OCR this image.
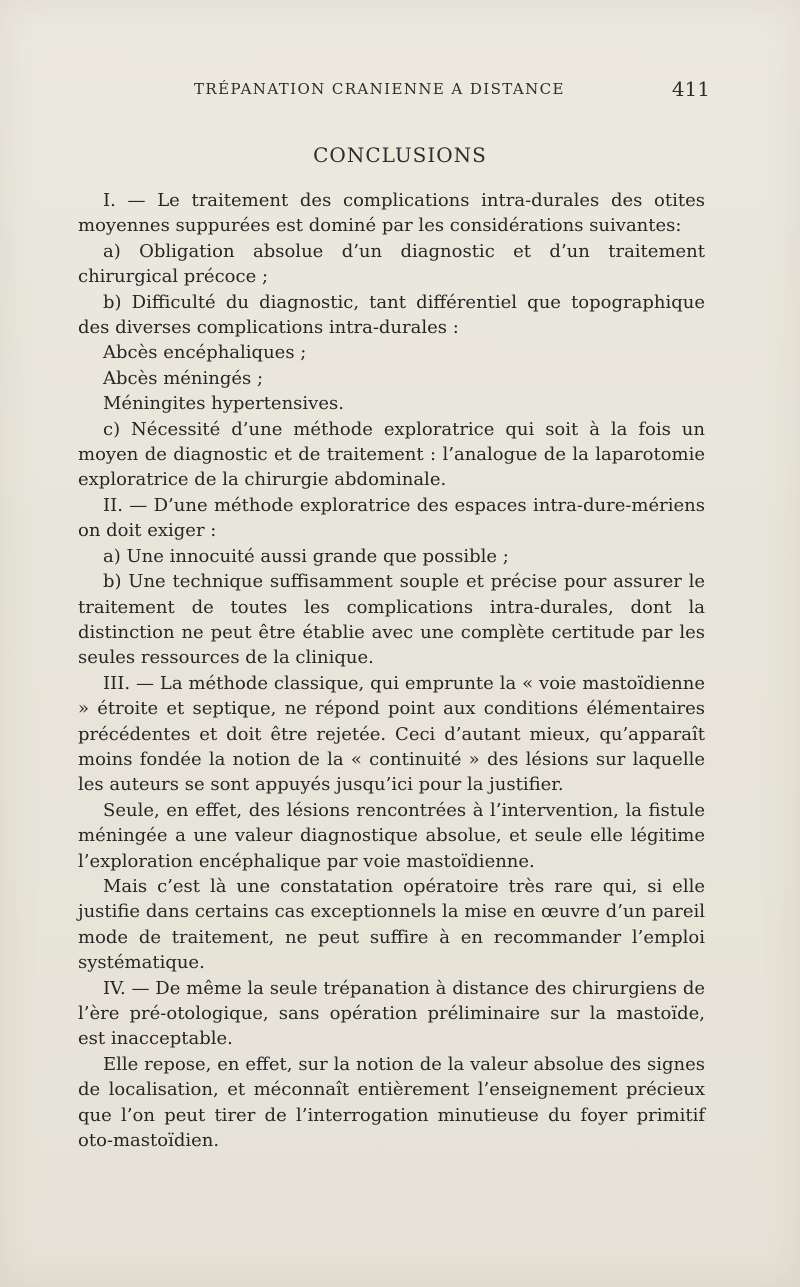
TRÉPANATION CRANIENNE A DISTANCE	411
CONCLUSIONS

I. — Le traitement des complications intra-durales des otites moyennes suppurées est dominé par les considérations suivantes:

a) Obligation absolue d’un diagnostic et d’un traitement chirurgical précoce ;

b) Difficulté du diagnostic, tant différentiel que topographique des diverses complications intra-durales :

Abcès encéphaliques ;

Abcès méningés ;

Méningites hypertensives.

c) Nécessité d’une méthode exploratrice qui soit à la fois un moyen de diagnostic et de traitement : l’analogue de la laparotomie exploratrice de la chirurgie abdominale.

II. — D’une méthode exploratrice des espaces intra-dure-mériens on doit exiger :

a) Une innocuité aussi grande que possible ;

b) Une technique suffisamment souple et précise pour assurer le traitement de toutes les complications intra-durales, dont la distinction ne peut être établie avec une complète certitude par les seules ressources de la clinique.

III. — La méthode classique, qui emprunte la « voie mastoïdienne » étroite et septique, ne répond point aux conditions élémentaires précédentes et doit être rejetée. Ceci d’autant mieux, qu’apparaît moins fondée la notion de la « continuité » des lésions sur laquelle les auteurs se sont appuyés jusqu’ici pour la justifier.

Seule, en effet, des lésions rencontrées à l’intervention, la fistule méningée a une valeur diagnostique absolue, et seule elle légitime l’exploration encéphalique par voie mastoïdienne.

Mais c’est là une constatation opératoire très rare qui, si elle justifie dans certains cas exceptionnels la mise en œuvre d’un pareil mode de traitement, ne peut suffire à en recommander l’emploi systématique.

IV. — De même la seule trépanation à distance des chirurgiens de l’ère pré-otologique, sans opération préliminaire sur la mastoïde, est inacceptable.

Elle repose, en effet, sur la notion de la valeur absolue des signes de localisation, et méconnaît entièrement l’enseignement précieux que l’on peut tirer de l’interrogation minutieuse du foyer primitif oto-mastoïdien.
